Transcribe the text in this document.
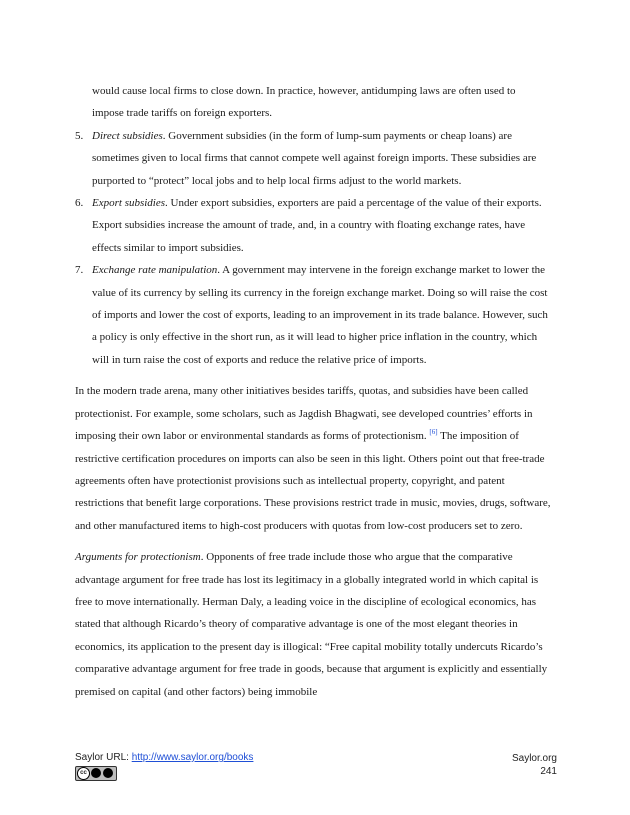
would cause local firms to close down. In practice, however, antidumping laws are often used to
impose trade tariffs on foreign exporters.
5. Direct subsidies. Government subsidies (in the form of lump-sum payments or cheap loans) are sometimes given to local firms that cannot compete well against foreign imports. These subsidies are purported to “protect” local jobs and to help local firms adjust to the world markets.
6. Export subsidies. Under export subsidies, exporters are paid a percentage of the value of their exports. Export subsidies increase the amount of trade, and, in a country with floating exchange rates, have effects similar to import subsidies.
7. Exchange rate manipulation. A government may intervene in the foreign exchange market to lower the value of its currency by selling its currency in the foreign exchange market. Doing so will raise the cost of imports and lower the cost of exports, leading to an improvement in its trade balance. However, such a policy is only effective in the short run, as it will lead to higher price inflation in the country, which will in turn raise the cost of exports and reduce the relative price of imports.

In the modern trade arena, many other initiatives besides tariffs, quotas, and subsidies have been called protectionist. For example, some scholars, such as Jagdish Bhagwati, see developed countries’ efforts in imposing their own labor or environmental standards as forms of protectionism. [6] The imposition of restrictive certification procedures on imports can also be seen in this light. Others point out that free-trade agreements often have protectionist provisions such as intellectual property, copyright, and patent restrictions that benefit large corporations. These provisions restrict trade in music, movies, drugs, software, and other manufactured items to high-cost producers with quotas from low-cost producers set to zero.

Arguments for protectionism. Opponents of free trade include those who argue that the comparative advantage argument for free trade has lost its legitimacy in a globally integrated world in which capital is free to move internationally. Herman Daly, a leading voice in the discipline of ecological economics, has stated that although Ricardo’s theory of comparative advantage is one of the most elegant theories in economics, its application to the present day is illogical: “Free capital mobility totally undercuts Ricardo’s comparative advantage argument for free trade in goods, because that argument is explicitly and essentially premised on capital (and other factors) being immobile

Saylor URL: http://www.saylor.org/books
cc
Saylor.org
241
